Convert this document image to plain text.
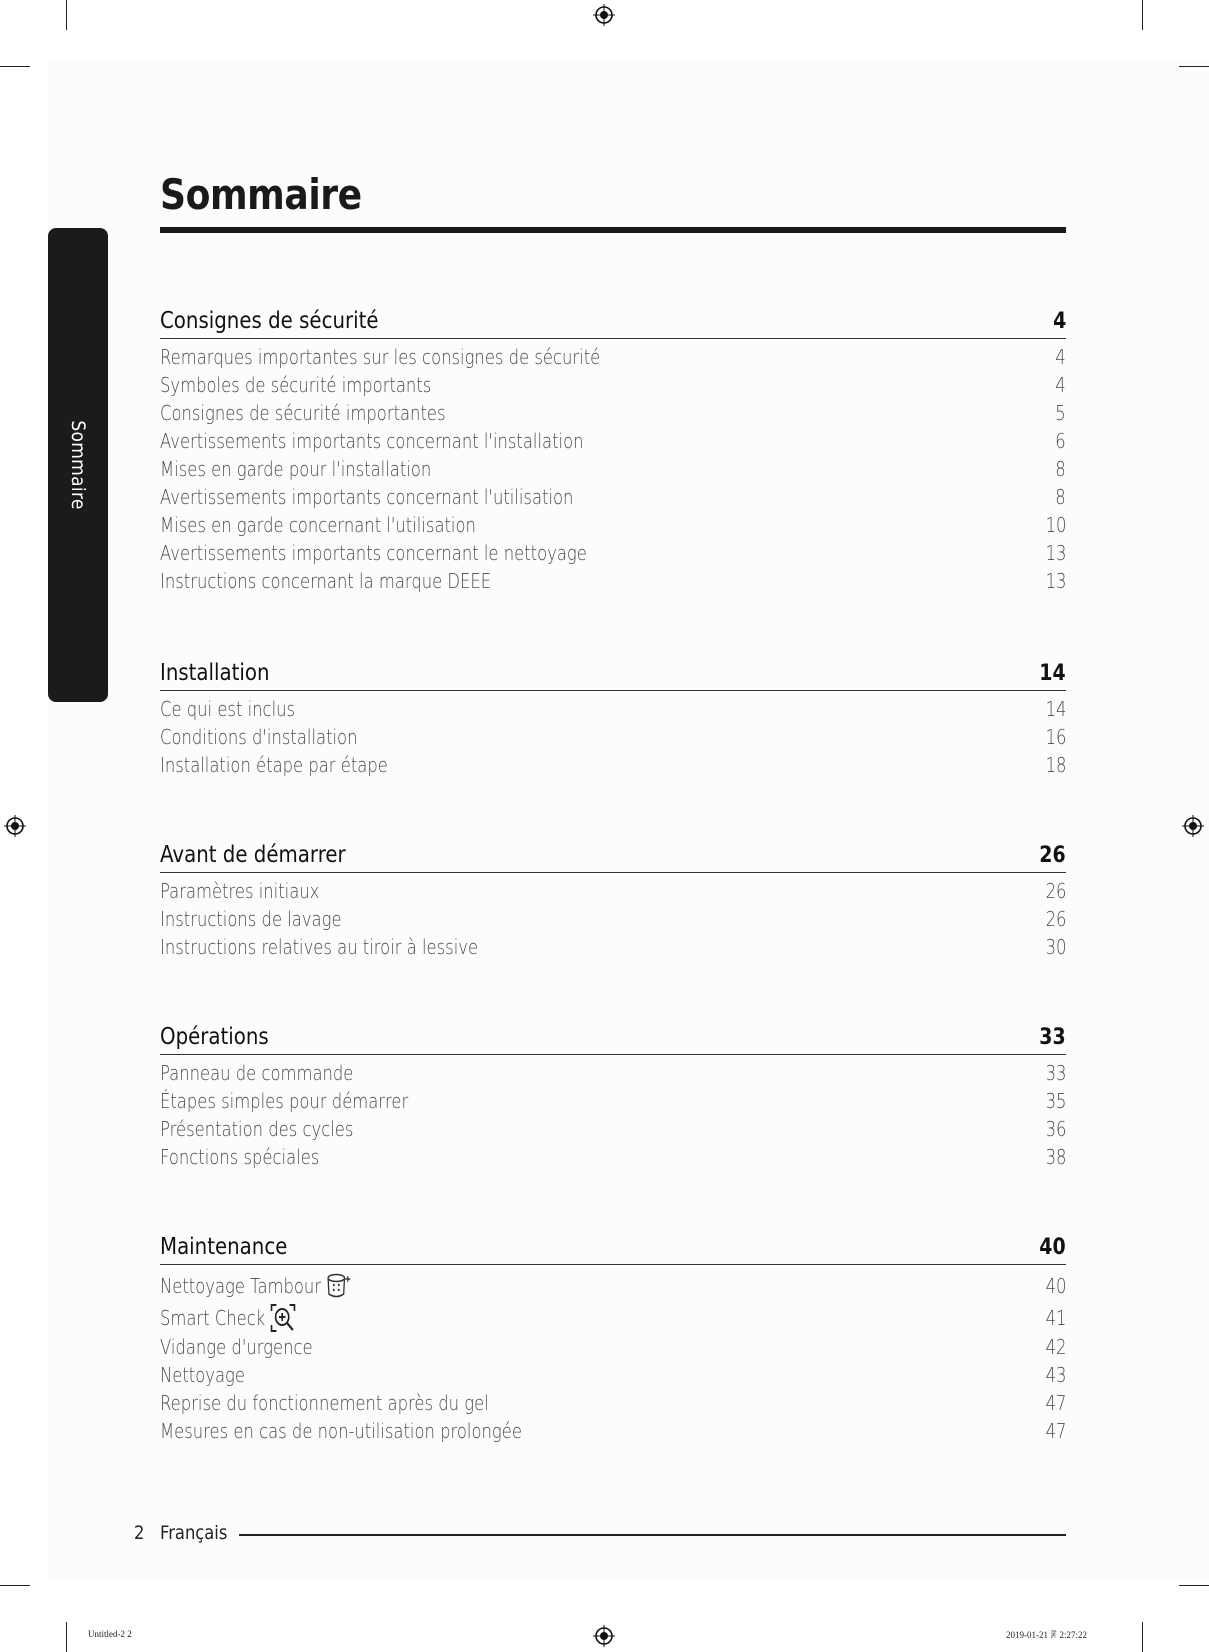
Sommaire
Sommaire
Consignes de sécurité	4
Remarques importantes sur les consignes de sécurité	4
Symboles de sécurité importants	4
Consignes de sécurité importantes	5
Avertissements importants concernant l'installation	6
Mises en garde pour l'installation	8
Avertissements importants concernant l'utilisation	8
Mises en garde concernant l'utilisation	10
Avertissements importants concernant le nettoyage	13
Instructions concernant la marque DEEE	13
Installation	14
Ce qui est inclus	14
Conditions d'installation	16
Installation étape par étape	18
Avant de démarrer	26
Paramètres initiaux	26
Instructions de lavage	26
Instructions relatives au tiroir à lessive	30
Opérations	33
Panneau de commande	33
Étapes simples pour démarrer	35
Présentation des cycles	36
Fonctions spéciales	38
Maintenance	40
Nettoyage Tambour	40
Smart Check	41
Vidange d'urgence	42
Nettoyage	43
Reprise du fonctionnement après du gel	47
Mesures en cas de non-utilisation prolongée	47
2 Français
Untitled-2 2	2019-01-21 ꊲ 2:27:22
